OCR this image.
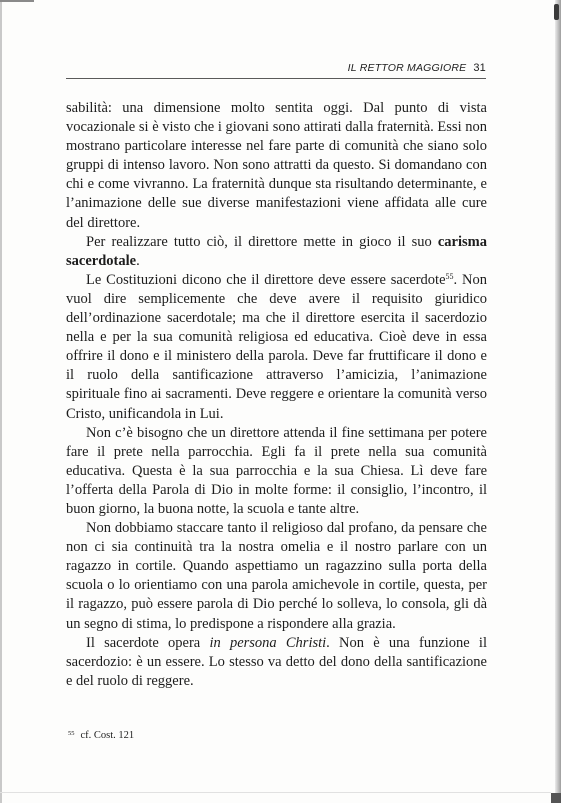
IL RETTOR MAGGIORE 31

sabilità: una dimensione molto sentita oggi. Dal punto di vista vocazionale si è visto che i giovani sono attirati dalla fraternità. Essi non mostrano particolare interesse nel fare parte di comunità che siano solo gruppi di intenso lavoro. Non sono attratti da questo. Si domandano con chi e come vivranno. La fraternità dunque sta risultando determinante, e l’animazione delle sue diverse manifestazioni viene affidata alle cure del direttore.

Per realizzare tutto ciò, il direttore mette in gioco il suo carisma sacerdotale.

Le Costituzioni dicono che il direttore deve essere sacerdote$^{55}$. Non vuol dire semplicemente che deve avere il requisito giuridico dell’ordinazione sacerdotale; ma che il direttore esercita il sacerdozio nella e per la sua comunità religiosa ed educativa. Cioè deve in essa offrire il dono e il ministero della parola. Deve far fruttificare il dono e il ruolo della santificazione attraverso l’amicizia, l’animazione spirituale fino ai sacramenti. Deve reggere e orientare la comunità verso Cristo, unificandola in Lui.

Non c’è bisogno che un direttore attenda il fine settimana per potere fare il prete nella parrocchia. Egli fa il prete nella sua comunità educativa. Questa è la sua parrocchia e la sua Chiesa. Lì deve fare l’offerta della Parola di Dio in molte forme: il consiglio, l’incontro, il buon giorno, la buona notte, la scuola e tante altre.

Non dobbiamo staccare tanto il religioso dal profano, da pensare che non ci sia continuità tra la nostra omelia e il nostro parlare con un ragazzo in cortile. Quando aspettiamo un ragazzino sulla porta della scuola o lo orientiamo con una parola amichevole in cortile, questa, per il ragazzo, può essere parola di Dio perché lo solleva, lo consola, gli dà un segno di stima, lo predispone a rispondere alla grazia.

Il sacerdote opera in persona Christi. Non è una funzione il sacerdozio: è un essere. Lo stesso va detto del dono della santificazione e del ruolo di reggere.

$^{55}$ cf. Cost. 121
